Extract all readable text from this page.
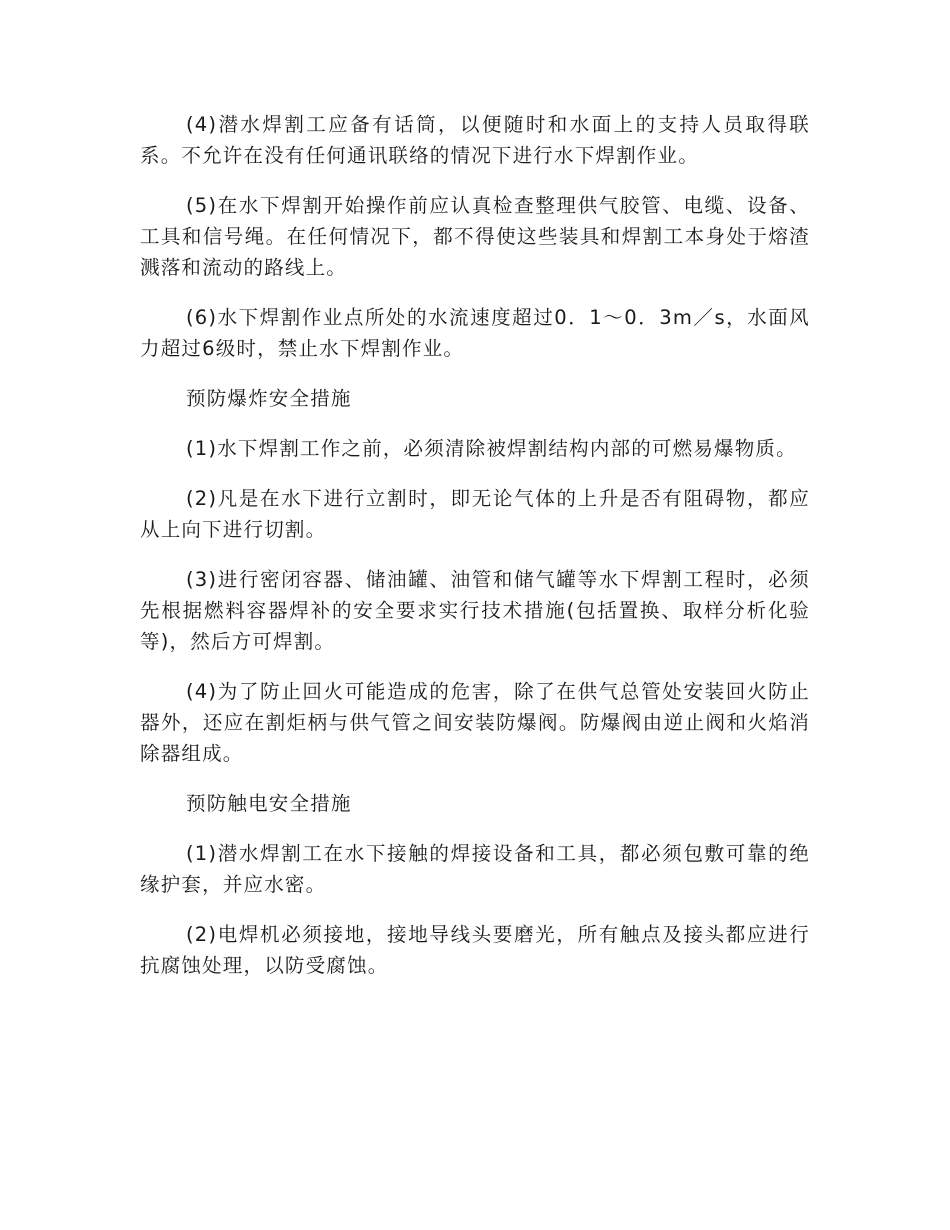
(4)潜水焊割工应备有话筒，以便随时和水面上的支持人员取得联系。不允许在没有任何通讯联络的情况下进行水下焊割作业。

(5)在水下焊割开始操作前应认真检查整理供气胶管、电缆、设备、工具和信号绳。在任何情况下，都不得使这些装具和焊割工本身处于熔渣溅落和流动的路线上。

(6)水下焊割作业点所处的水流速度超过0．1～0．3m／s，水面风力超过6级时，禁止水下焊割作业。

预防爆炸安全措施

(1)水下焊割工作之前，必须清除被焊割结构内部的可燃易爆物质。

(2)凡是在水下进行立割时，即无论气体的上升是否有阻碍物，都应从上向下进行切割。

(3)进行密闭容器、储油罐、油管和储气罐等水下焊割工程时，必须先根据燃料容器焊补的安全要求实行技术措施(包括置换、取样分析化验等)，然后方可焊割。

(4)为了防止回火可能造成的危害，除了在供气总管处安装回火防止器外，还应在割炬柄与供气管之间安装防爆阀。防爆阀由逆止阀和火焰消除器组成。

预防触电安全措施

(1)潜水焊割工在水下接触的焊接设备和工具，都必须包敷可靠的绝缘护套，并应水密。

(2)电焊机必须接地，接地导线头要磨光，所有触点及接头都应进行抗腐蚀处理，以防受腐蚀。
